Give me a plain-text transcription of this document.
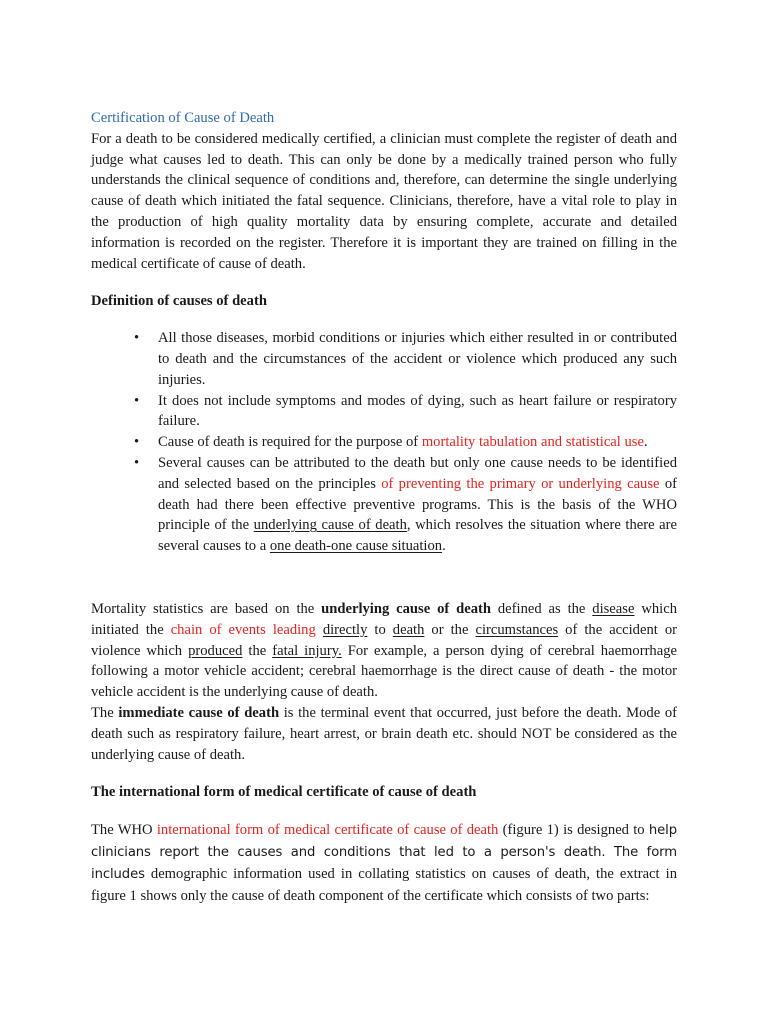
Certification of Cause of Death

For a death to be considered medically certified, a clinician must complete the register of death and judge what causes led to death. This can only be done by a medically trained person who fully understands the clinical sequence of conditions and, therefore, can determine the single underlying cause of death which initiated the fatal sequence. Clinicians, therefore, have a vital role to play in the production of high quality mortality data by ensuring complete, accurate and detailed information is recorded on the register. Therefore it is important they are trained on filling in the medical certificate of cause of death.

Definition of causes of death
• All those diseases, morbid conditions or injuries which either resulted in or contributed to death and the circumstances of the accident or violence which produced any such injuries.
• It does not include symptoms and modes of dying, such as heart failure or respiratory failure.
• Cause of death is required for the purpose of mortality tabulation and statistical use.
• Several causes can be attributed to the death but only one cause needs to be identified and selected based on the principles of preventing the primary or underlying cause of death had there been effective preventive programs. This is the basis of the WHO principle of the underlying cause of death, which resolves the situation where there are several causes to a one death-one cause situation.

Mortality statistics are based on the underlying cause of death defined as the disease which initiated the chain of events leading directly to death or the circumstances of the accident or violence which produced the fatal injury. For example, a person dying of cerebral haemorrhage following a motor vehicle accident; cerebral haemorrhage is the direct cause of death - the motor vehicle accident is the underlying cause of death.

The immediate cause of death is the terminal event that occurred, just before the death. Mode of death such as respiratory failure, heart arrest, or brain death etc. should NOT be considered as the underlying cause of death.

The international form of medical certificate of cause of death

The WHO international form of medical certificate of cause of death (figure 1) is designed to help clinicians report the causes and conditions that led to a person's death. The form includes demographic information used in collating statistics on causes of death, the extract in figure 1 shows only the cause of death component of the certificate which consists of two parts:
